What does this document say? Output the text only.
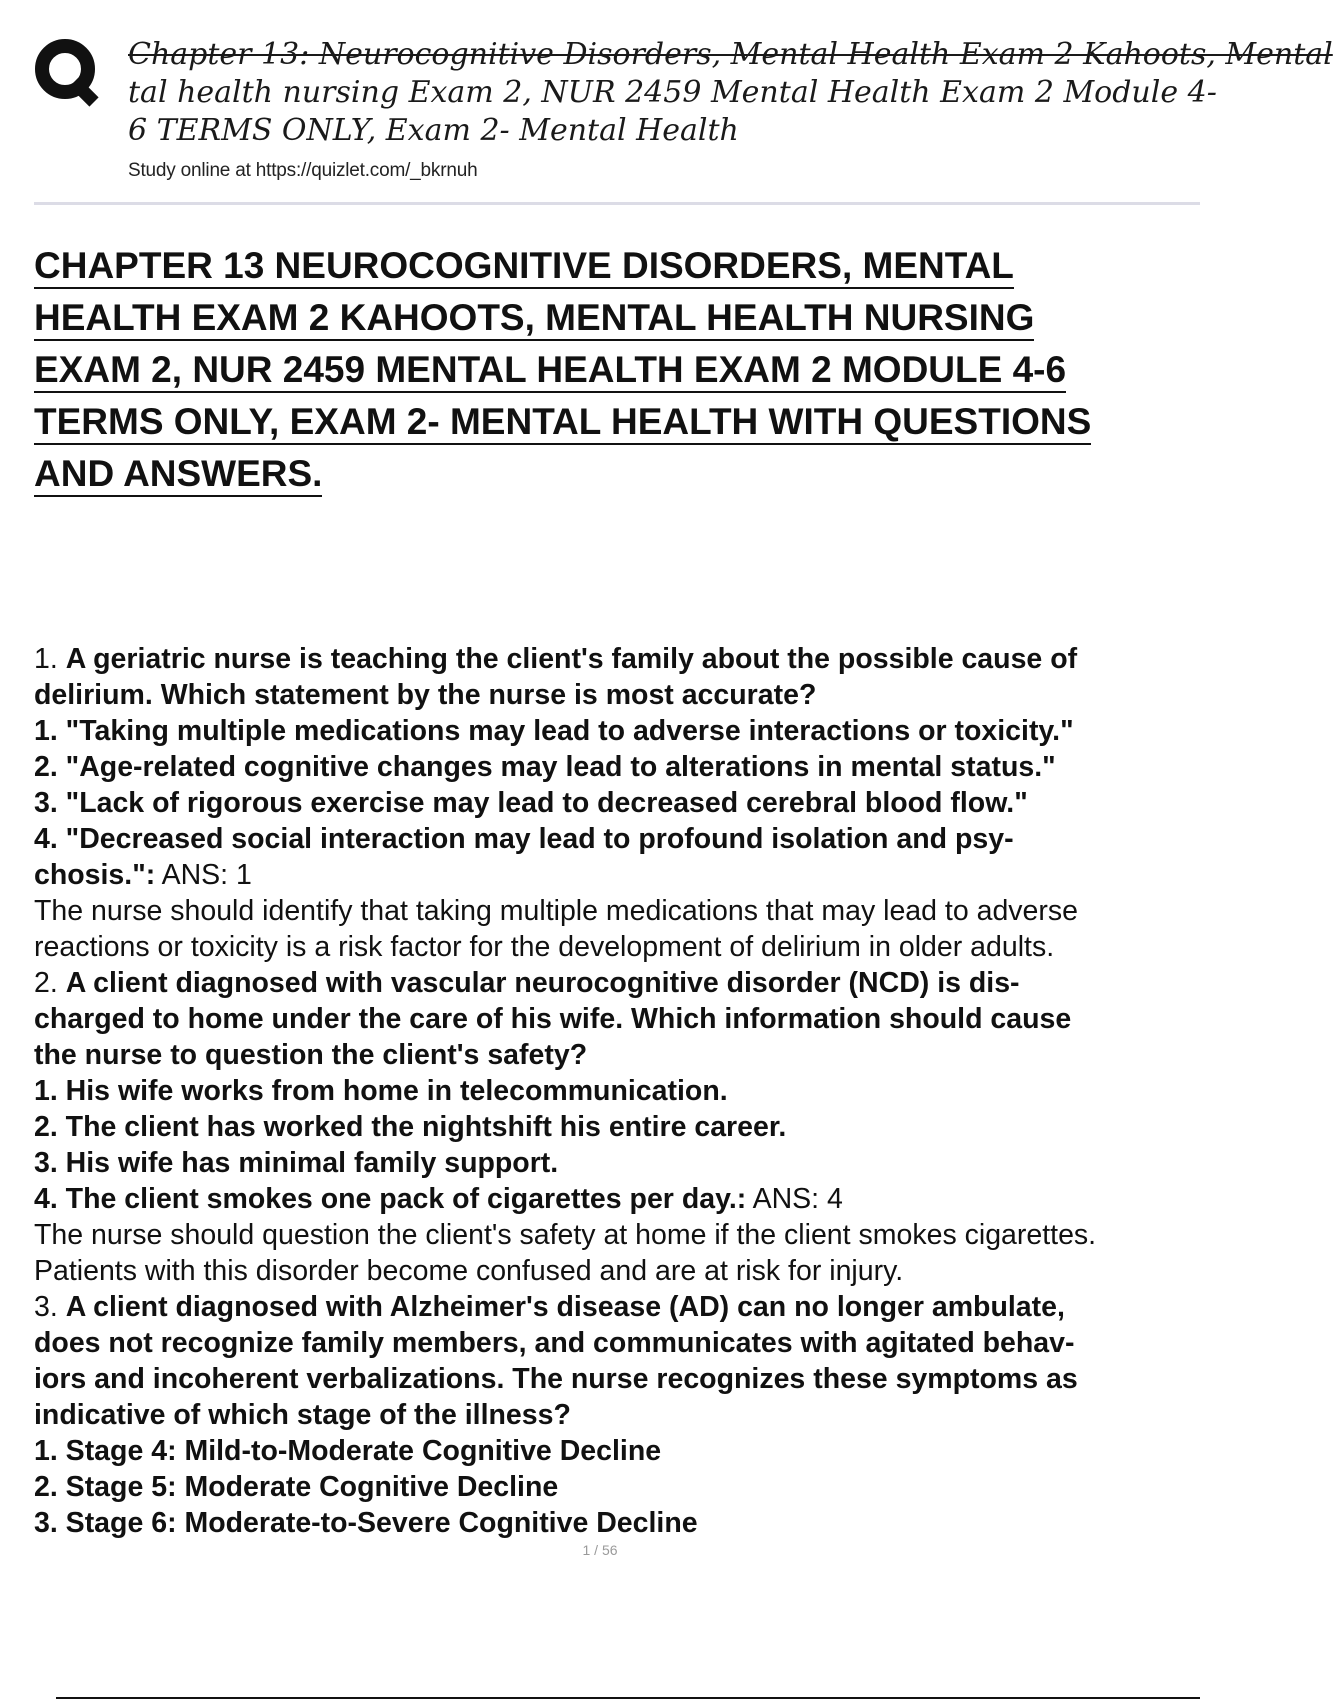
Chapter 13: Neurocognitive Disorders, Mental Health Exam 2 Kahoots, Mental
tal health nursing Exam 2, NUR 2459 Mental Health Exam 2 Module 4-
6 TERMS ONLY, Exam 2- Mental Health
Study online at https://quizlet.com/_bkrnuh
CHAPTER 13 NEUROCOGNITIVE DISORDERS, MENTAL
HEALTH EXAM 2 KAHOOTS, MENTAL HEALTH NURSING
EXAM 2, NUR 2459 MENTAL HEALTH EXAM 2 MODULE 4-6
TERMS ONLY, EXAM 2- MENTAL HEALTH WITH QUESTIONS
AND ANSWERS.
1. A geriatric nurse is teaching the client's family about the possible cause of
delirium. Which statement by the nurse is most accurate?
1. "Taking multiple medications may lead to adverse interactions or toxicity."
2. "Age-related cognitive changes may lead to alterations in mental status."
3. "Lack of rigorous exercise may lead to decreased cerebral blood flow."
4. "Decreased social interaction may lead to profound isolation and psy-
chosis.": ANS: 1
The nurse should identify that taking multiple medications that may lead to adverse
reactions or toxicity is a risk factor for the development of delirium in older adults.
2. A client diagnosed with vascular neurocognitive disorder (NCD) is dis-
charged to home under the care of his wife. Which information should cause
the nurse to question the client's safety?
1. His wife works from home in telecommunication.
2. The client has worked the nightshift his entire career.
3. His wife has minimal family support.
4. The client smokes one pack of cigarettes per day.: ANS: 4
The nurse should question the client's safety at home if the client smokes cigarettes.
Patients with this disorder become confused and are at risk for injury.
3. A client diagnosed with Alzheimer's disease (AD) can no longer ambulate,
does not recognize family members, and communicates with agitated behav-
iors and incoherent verbalizations. The nurse recognizes these symptoms as
indicative of which stage of the illness?
1. Stage 4: Mild-to-Moderate Cognitive Decline
2. Stage 5: Moderate Cognitive Decline
3. Stage 6: Moderate-to-Severe Cognitive Decline
1 / 56
